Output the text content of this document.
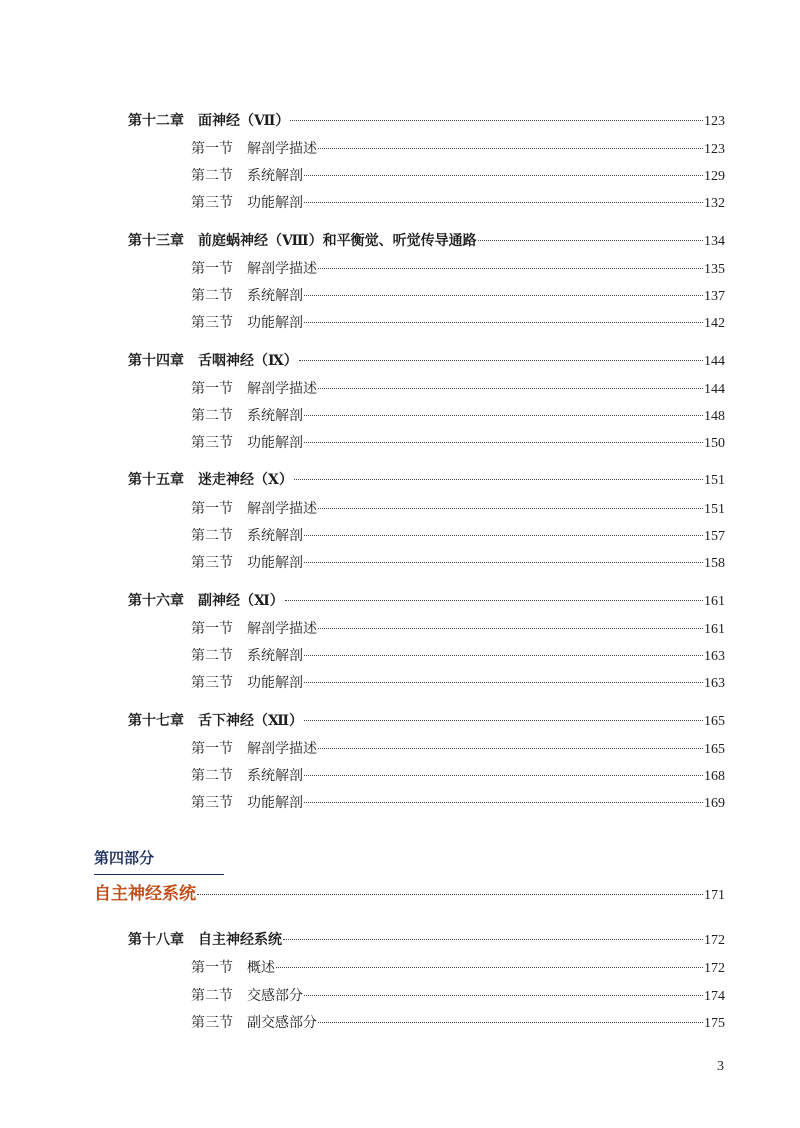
第十二章　面神经（Ⅶ）	123
第一节　解剖学描述	123
第二节　系统解剖	129
第三节　功能解剖	132
第十三章　前庭蜗神经（Ⅷ）和平衡觉、听觉传导通路	134
第一节　解剖学描述	135
第二节　系统解剖	137
第三节　功能解剖	142
第十四章　舌咽神经（Ⅸ）	144
第一节　解剖学描述	144
第二节　系统解剖	148
第三节　功能解剖	150
第十五章　迷走神经（Ⅹ）	151
第一节　解剖学描述	151
第二节　系统解剖	157
第三节　功能解剖	158
第十六章　副神经（Ⅺ）	161
第一节　解剖学描述	161
第二节　系统解剖	163
第三节　功能解剖	163
第十七章　舌下神经（Ⅻ）	165
第一节　解剖学描述	165
第二节　系统解剖	168
第三节　功能解剖	169
第四部分
自主神经系统	171
第十八章　自主神经系统	172
第一节　概述	172
第二节　交感部分	174
第三节　副交感部分	175
3
